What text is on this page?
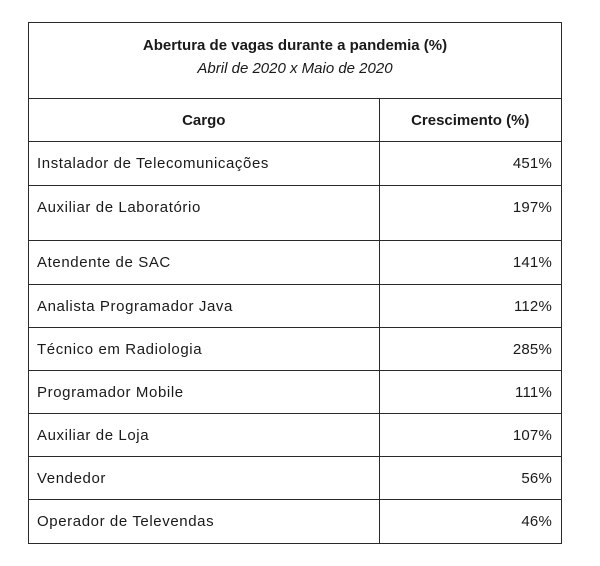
Abertura de vagas durante a pandemia (%)
Abril de 2020 x Maio de 2020
Cargo	Crescimento (%)
Instalador de Telecomunicações	451%
Auxiliar de Laboratório	197%
Atendente de SAC	141%
Analista Programador Java	112%
Técnico em Radiologia	285%
Programador Mobile	111%
Auxiliar de Loja	107%
Vendedor	56%
Operador de Televendas	46%
